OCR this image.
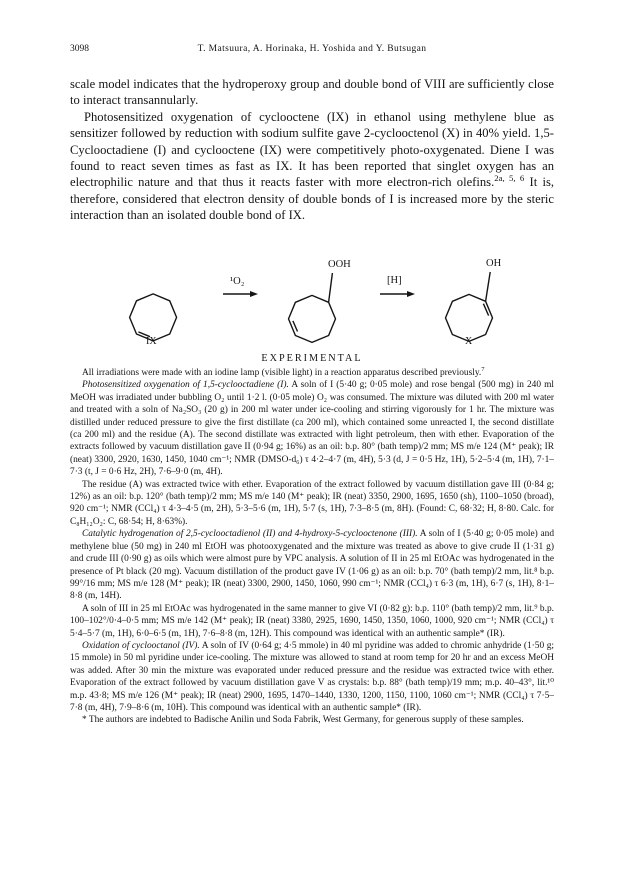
3098	T. Matsuura, A. Horinaka, H. Yoshida and Y. Butsugan

scale model indicates that the hydroperoxy group and double bond of VIII are sufficiently close to interact transannularly.

Photosensitized oxygenation of cyclooctene (IX) in ethanol using methylene blue as sensitizer followed by reduction with sodium sulfite gave 2-cyclooctenol (X) in 40% yield. 1,5-Cyclooctadiene (I) and cyclooctene (IX) were competitively photo-oxygenated. Diene I was found to react seven times as fast as IX. It has been reported that singlet oxygen has an electrophilic nature and that thus it reacts faster with more electron-rich olefins.$^{2a, 5, 6}$ It is, therefore, considered that electron density of double bonds of I is increased more by the steric interaction than an isolated double bond of IX.

¹O₂	[H]
OOH	OH
IX	X
EXPERIMENTAL

All irradiations were made with an iodine lamp (visible light) in a reaction apparatus described previously.$^7$

Photosensitized oxygenation of 1,5-cyclooctadiene (I). A soln of I (5·40 g; 0·05 mole) and rose bengal (500 mg) in 240 ml MeOH was irradiated under bubbling O₂ until 1·2 l. (0·05 mole) O₂ was consumed. The mixture was diluted with 200 ml water and treated with a soln of Na₂SO₃ (20 g) in 200 ml water under ice-cooling and stirring vigorously for 1 hr. The mixture was distilled under reduced pressure to give the first distillate (ca 200 ml), which contained some unreacted I, the second distillate (ca 200 ml) and the residue (A). The second distillate was extracted with light petroleum, then with ether. Evaporation of the extracts followed by vacuum distillation gave II (0·94 g; 16%) as an oil: b.p. 80° (bath temp)/2 mm; MS m/e 124 (M⁺ peak); IR (neat) 3300, 2920, 1630, 1450, 1040 cm⁻¹; NMR (DMSO-d₆) τ 4·2–4·7 (m, 4H), 5·3 (d, J = 0·5 Hz, 1H), 5·2–5·4 (m, 1H), 7·1–7·3 (t, J = 0·6 Hz, 2H), 7·6–9·0 (m, 4H).

The residue (A) was extracted twice with ether. Evaporation of the extract followed by vacuum distillation gave III (0·84 g; 12%) as an oil: b.p. 120° (bath temp)/2 mm; MS m/e 140 (M⁺ peak); IR (neat) 3350, 2900, 1695, 1650 (sh), 1100–1050 (broad), 920 cm⁻¹; NMR (CCl₄) τ 4·3–4·5 (m, 2H), 5·3–5·6 (m, 1H), 5·7 (s, 1H), 7·3–8·5 (m, 8H). (Found: C, 68·32; H, 8·80. Calc. for C₈H₁₂O₂: C, 68·54; H, 8·63%).

Catalytic hydrogenation of 2,5-cyclooctadienol (II) and 4-hydroxy-5-cyclooctenone (III). A soln of I (5·40 g; 0·05 mole) and methylene blue (50 mg) in 240 ml EtOH was photooxygenated and the mixture was treated as above to give crude II (1·31 g) and crude III (0·90 g) as oils which were almost pure by VPC analysis. A solution of II in 25 ml EtOAc was hydrogenated in the presence of Pt black (20 mg). Vacuum distillation of the product gave IV (1·06 g) as an oil: b.p. 70° (bath temp)/2 mm, lit.⁸ b.p. 99°/16 mm; MS m/e 128 (M⁺ peak); IR (neat) 3300, 2900, 1450, 1060, 990 cm⁻¹; NMR (CCl₄) τ 6·3 (m, 1H), 6·7 (s, 1H), 8·1–8·8 (m, 14H).

A soln of III in 25 ml EtOAc was hydrogenated in the same manner to give VI (0·82 g): b.p. 110° (bath temp)/2 mm, lit.⁹ b.p. 100–102°/0·4–0·5 mm; MS m/e 142 (M⁺ peak); IR (neat) 3380, 2925, 1690, 1450, 1350, 1060, 1000, 920 cm⁻¹; NMR (CCl₄) τ 5·4–5·7 (m, 1H), 6·0–6·5 (m, 1H), 7·6–8·8 (m, 12H). This compound was identical with an authentic sample* (IR).

Oxidation of cyclooctanol (IV). A soln of IV (0·64 g; 4·5 mmole) in 40 ml pyridine was added to chromic anhydride (1·50 g; 15 mmole) in 50 ml pyridine under ice-cooling. The mixture was allowed to stand at room temp for 20 hr and an excess MeOH was added. After 30 min the mixture was evaporated under reduced pressure and the residue was extracted twice with ether. Evaporation of the extract followed by vacuum distillation gave V as crystals: b.p. 88° (bath temp)/19 mm; m.p. 40–43°, lit.¹⁰ m.p. 43·8; MS m/e 126 (M⁺ peak); IR (neat) 2900, 1695, 1470–1440, 1330, 1200, 1150, 1100, 1060 cm⁻¹; NMR (CCl₄) τ 7·5–7·8 (m, 4H), 7·9–8·6 (m, 10H). This compound was identical with an authentic sample* (IR).

* The authors are indebted to Badische Anilin und Soda Fabrik, West Germany, for generous supply of these samples.
